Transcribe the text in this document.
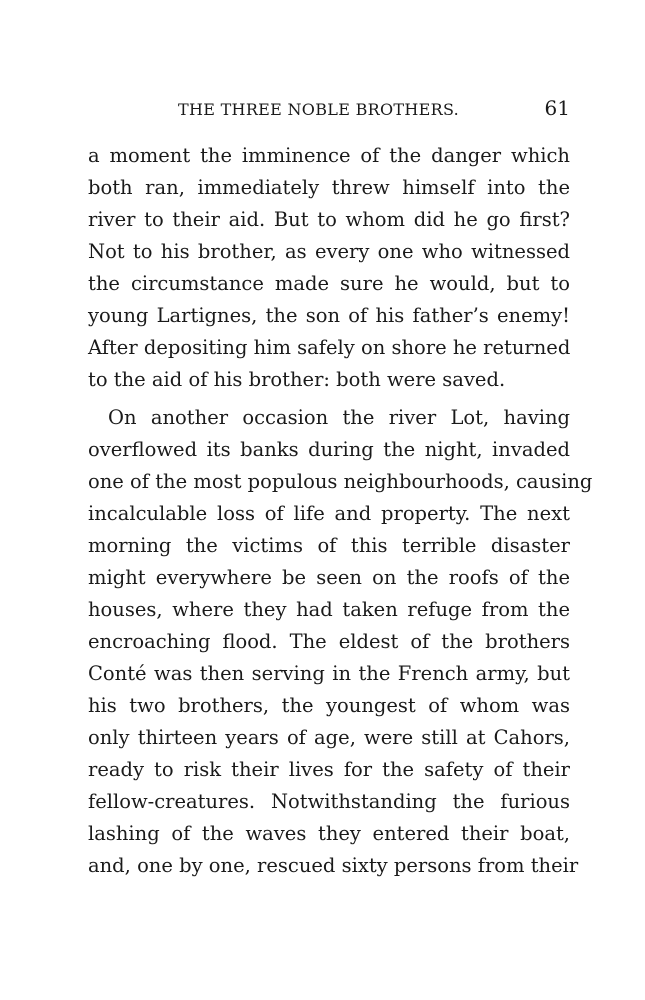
THE THREE NOBLE BROTHERS.	61
a moment the imminence of the danger which
both ran, immediately threw himself into the
river to their aid. But to whom did he go first?
Not to his brother, as every one who witnessed
the circumstance made sure he would, but to
young Lartignes, the son of his father’s enemy!
After depositing him safely on shore he returned
to the aid of his brother: both were saved.
On another occasion the river Lot, having
overflowed its banks during the night, invaded
one of the most populous neighbourhoods, causing
incalculable loss of life and property. The next
morning the victims of this terrible disaster
might everywhere be seen on the roofs of the
houses, where they had taken refuge from the
encroaching flood. The eldest of the brothers
Conté was then serving in the French army, but
his two brothers, the youngest of whom was
only thirteen years of age, were still at Cahors,
ready to risk their lives for the safety of their
fellow-creatures. Notwithstanding the furious
lashing of the waves they entered their boat,
and, one by one, rescued sixty persons from their
